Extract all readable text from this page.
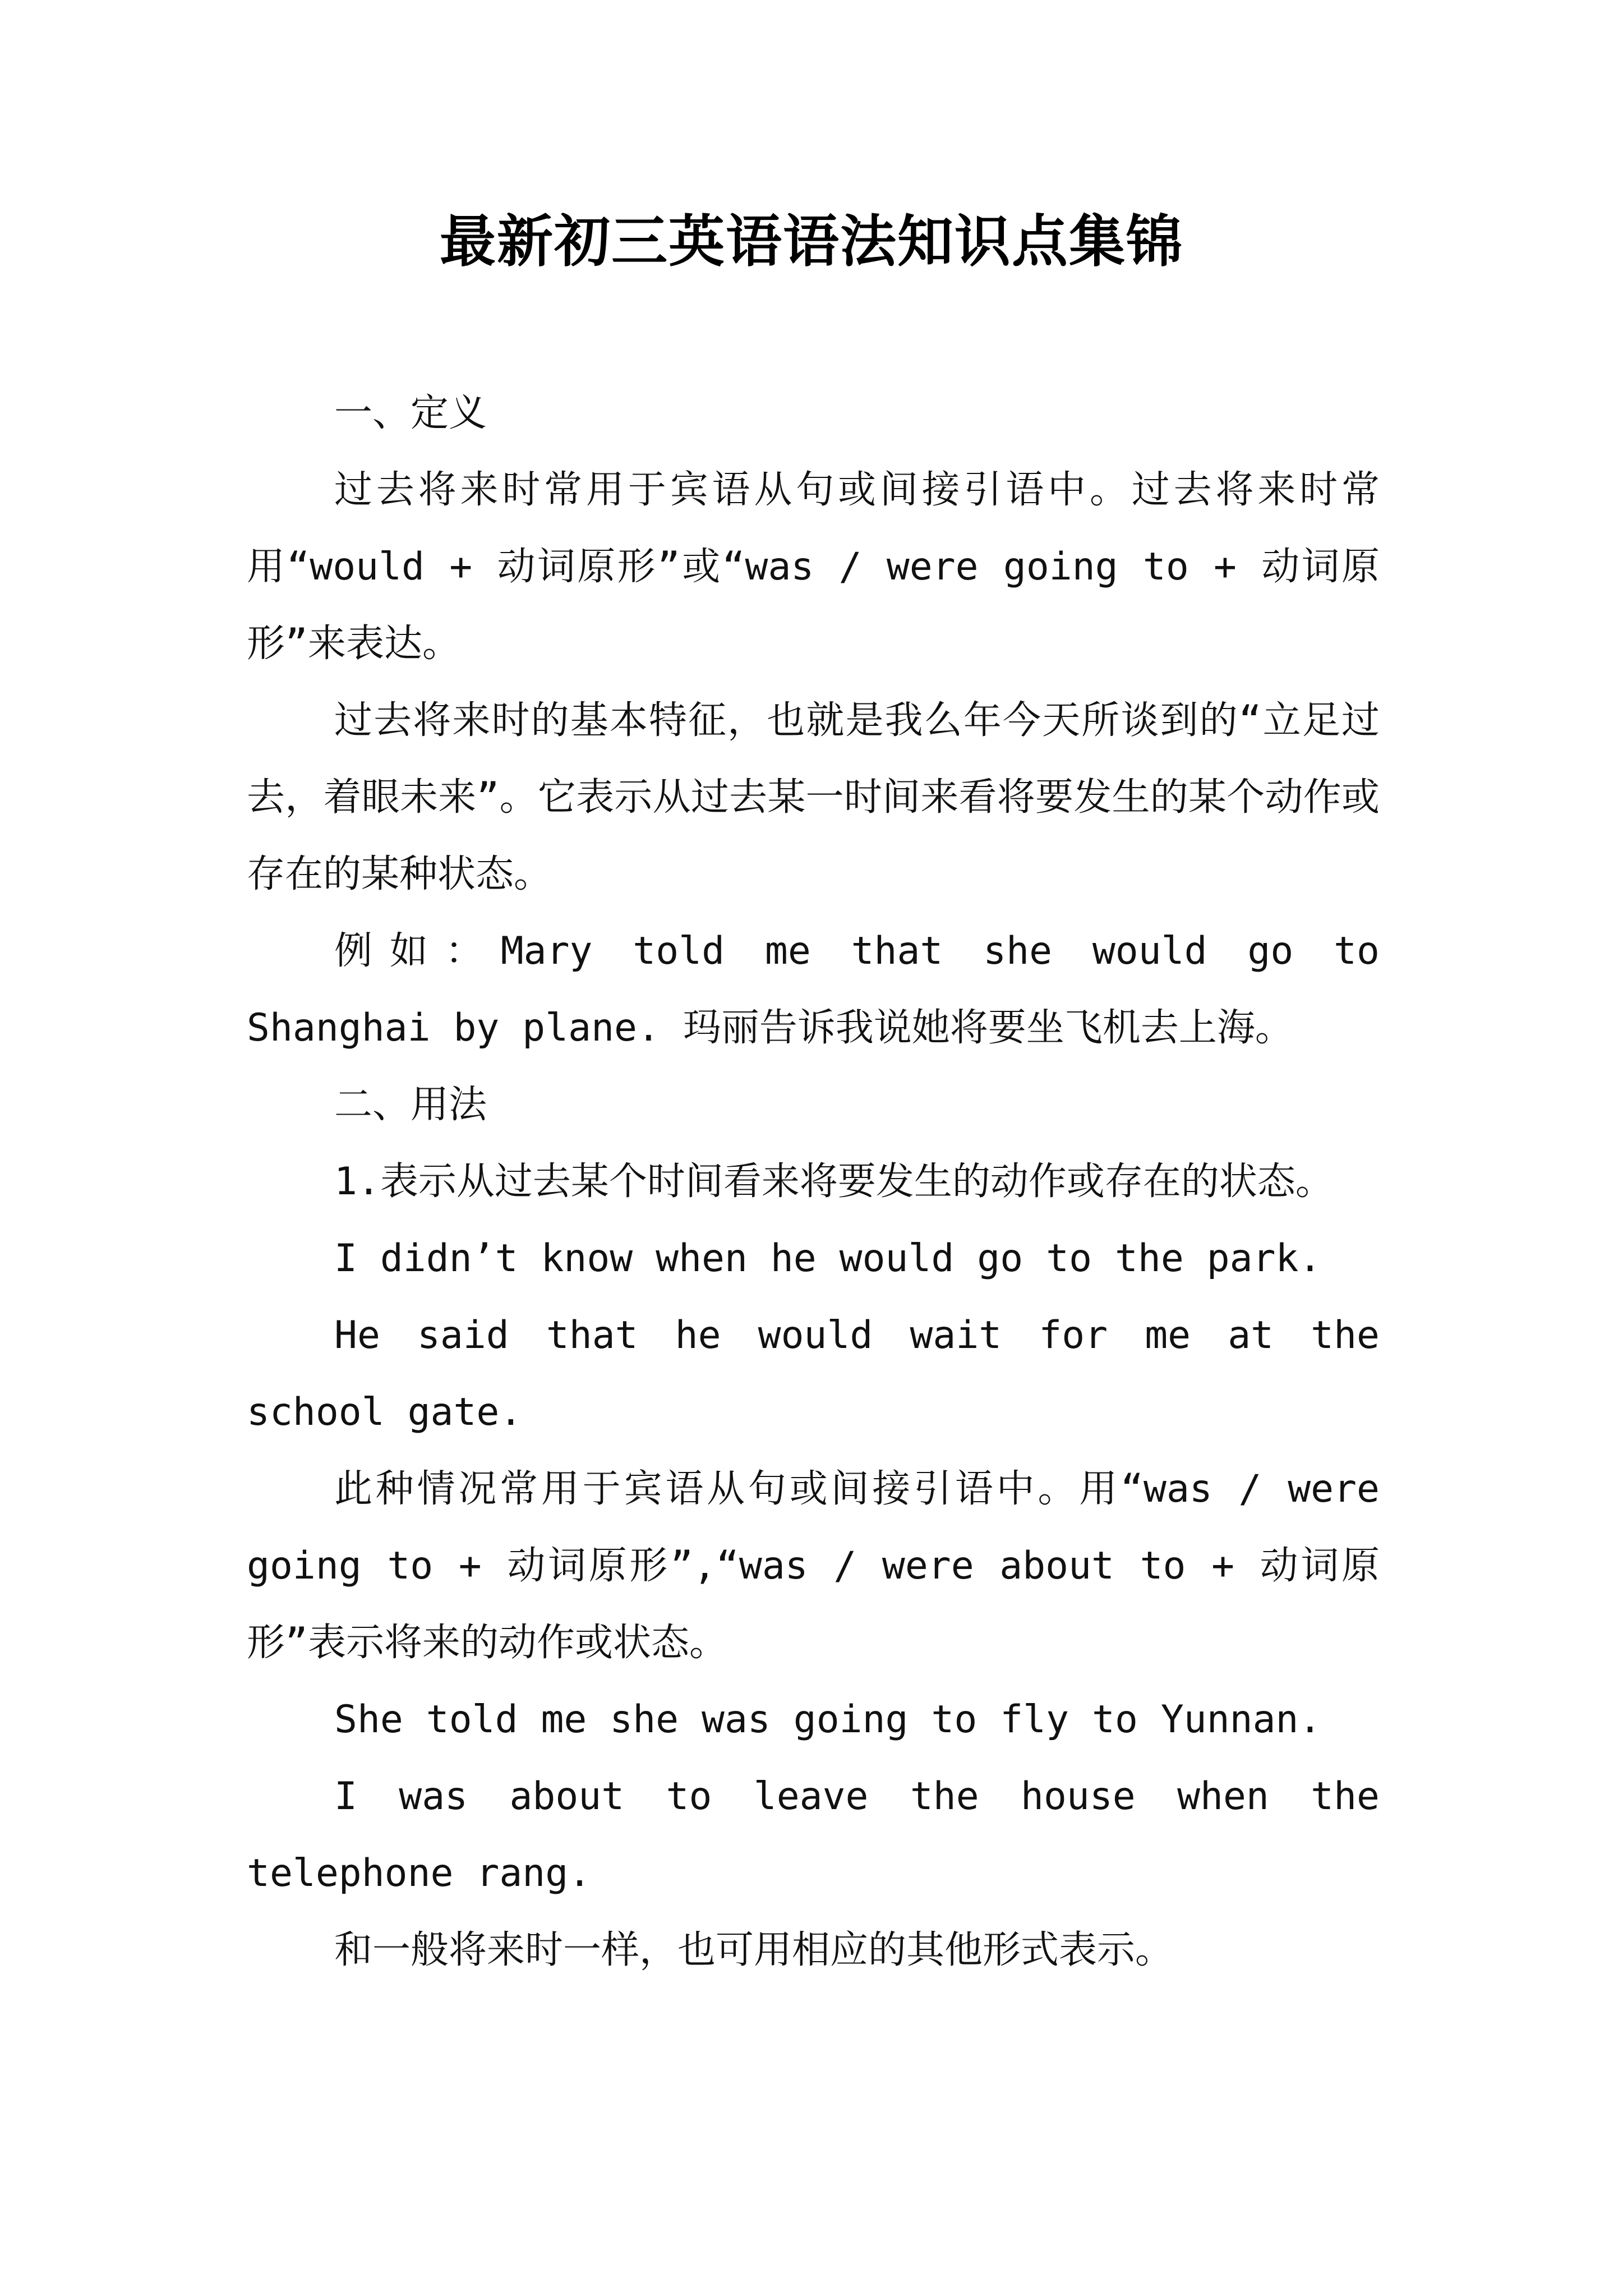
最新初三英语语法知识点集锦

一、定义

过去将来时常用于宾语从句或间接引语中。过去将来时常用“would + 动词原形”或“was / were going to + 动词原形”来表达。

过去将来时的基本特征，也就是我么年今天所谈到的“立足过去，着眼未来”。它表示从过去某一时间来看将要发生的某个动作或存在的某种状态。

例如：Mary told me that she would go to Shanghai by plane. 玛丽告诉我说她将要坐飞机去上海。

二、用法

1.表示从过去某个时间看来将要发生的动作或存在的状态。

I didn’t know when he would go to the park.

He said that he would wait for me at the school gate.

此种情况常用于宾语从句或间接引语中。用“was / were going to + 动词原形”,“was / were about to + 动词原形”表示将来的动作或状态。

She told me she was going to fly to Yunnan.

I was about to leave the house when the telephone rang.

和一般将来时一样，也可用相应的其他形式表示。
